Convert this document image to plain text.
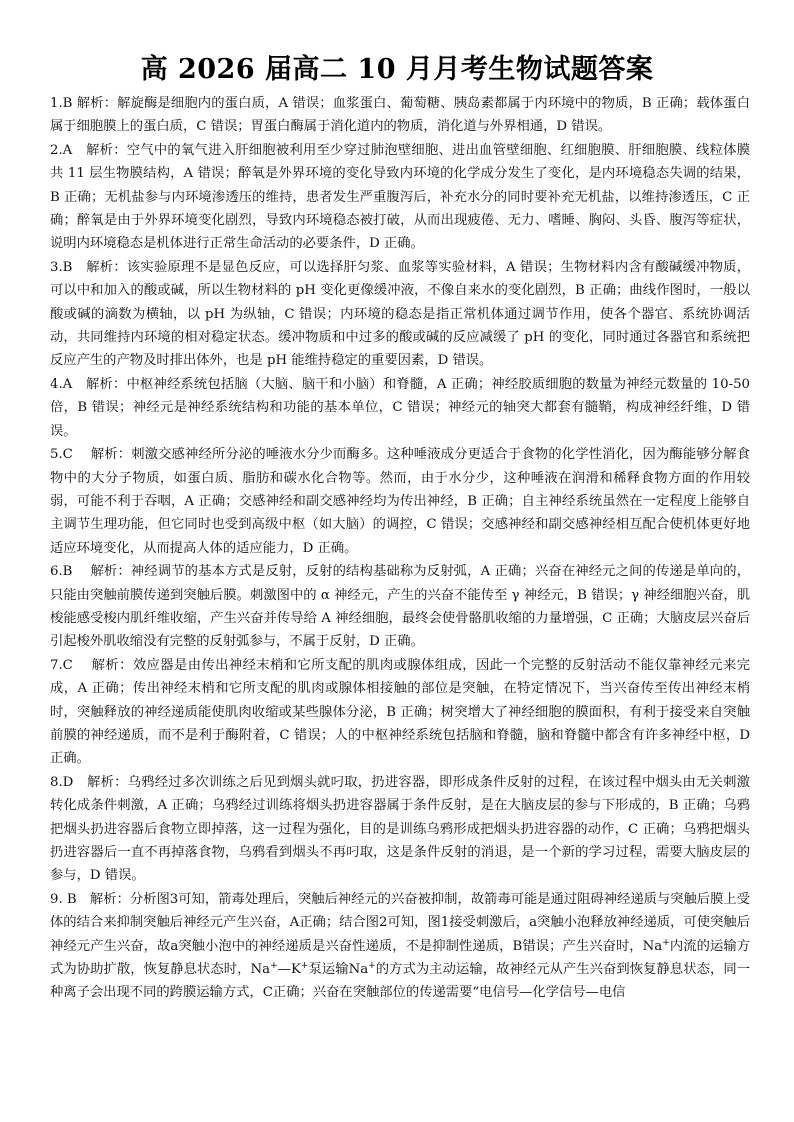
高 2026 届高二 10 月月考生物试题答案

1.B 解析：解旋酶是细胞内的蛋白质，A 错误；血浆蛋白、葡萄糖、胰岛素都属于内环境中的物质，B 正确；载体蛋白属于细胞膜上的蛋白质，C 错误；胃蛋白酶属于消化道内的物质，消化道与外界相通，D 错误。

2.A　解析：空气中的氧气进入肝细胞被利用至少穿过肺泡壁细胞、进出血管壁细胞、红细胞膜、肝细胞膜、线粒体膜共 11 层生物膜结构，A 错误；醉氧是外界环境的变化导致内环境的化学成分发生了变化，是内环境稳态失调的结果，B 正确；无机盐参与内环境渗透压的维持，患者发生严重腹泻后，补充水分的同时要补充无机盐，以维持渗透压，C 正确；醉氧是由于外界环境变化剧烈，导致内环境稳态被打破，从而出现疲倦、无力、嗜睡、胸闷、头昏、腹泻等症状，说明内环境稳态是机体进行正常生命活动的必要条件，D 正确。

3.B　解析：该实验原理不是显色反应，可以选择肝匀浆、血浆等实验材料，A 错误；生物材料内含有酸碱缓冲物质，可以中和加入的酸或碱，所以生物材料的 pH 变化更像缓冲液，不像自来水的变化剧烈，B 正确；曲线作图时，一般以酸或碱的滴数为横轴，以 pH 为纵轴，C 错误；内环境的稳态是指正常机体通过调节作用，使各个器官、系统协调活动，共同维持内环境的相对稳定状态。缓冲物质和中过多的酸或碱的反应减缓了 pH 的变化，同时通过各器官和系统把反应产生的产物及时排出体外，也是 pH 能维持稳定的重要因素，D 错误。

4.A　解析：中枢神经系统包括脑（大脑、脑干和小脑）和脊髓，A 正确；神经胶质细胞的数量为神经元数量的 10-50 倍，B 错误；神经元是神经系统结构和功能的基本单位，C 错误；神经元的轴突大都套有髓鞘，构成神经纤维，D 错误。

5.C　 解析：刺激交感神经所分泌的唾液水分少而酶多。这种唾液成分更适合于食物的化学性消化，因为酶能够分解食物中的大分子物质，如蛋白质、脂肪和碳水化合物等。然而，由于水分少，这种唾液在润滑和稀释食物方面的作用较弱，可能不利于吞咽，A 正确；交感神经和副交感神经均为传出神经，B 正确；自主神经系统虽然在一定程度上能够自主调节生理功能，但它同时也受到高级中枢（如大脑）的调控，C 错误；交感神经和副交感神经相互配合使机体更好地适应环境变化，从而提高人体的适应能力，D 正确。

6.B　 解析：神经调节的基本方式是反射，反射的结构基础称为反射弧，A 正确；兴奋在神经元之间的传递是单向的，只能由突触前膜传递到突触后膜。刺激图中的 α 神经元，产生的兴奋不能传至 γ 神经元，B 错误；γ 神经细胞兴奋，肌梭能感受梭内肌纤维收缩，产生兴奋并传导给 A 神经细胞，最终会使骨骼肌收缩的力量增强，C 正确；大脑皮层兴奋后引起梭外肌收缩没有完整的反射弧参与，不属于反射，D 正确。

7.C　 解析：效应器是由传出神经末梢和它所支配的肌肉或腺体组成，因此一个完整的反射活动不能仅靠神经元来完成，A 正确；传出神经末梢和它所支配的肌肉或腺体相接触的部位是突触，在特定情况下，当兴奋传至传出神经末梢时，突触释放的神经递质能使肌肉收缩或某些腺体分泌，B 正确；树突增大了神经细胞的膜面积，有利于接受来自突触前膜的神经递质，而不是利于酶附着，C 错误；人的中枢神经系统包括脑和脊髓，脑和脊髓中都含有许多神经中枢，D 正确。

8.D　解析：乌鸦经过多次训练之后见到烟头就叼取，扔进容器，即形成条件反射的过程，在该过程中烟头由无关刺激转化成条件刺激，A 正确；乌鸦经过训练将烟头扔进容器属于条件反射，是在大脑皮层的参与下形成的，B 正确；乌鸦把烟头扔进容器后食物立即掉落，这一过程为强化，目的是训练乌鸦形成把烟头扔进容器的动作，C 正确；乌鸦把烟头扔进容器后一直不再掉落食物，乌鸦看到烟头不再叼取，这是条件反射的消退，是一个新的学习过程，需要大脑皮层的参与，D 错误。

9. B　解析：分析图3可知，箭毒处理后，突触后神经元的兴奋被抑制，故箭毒可能是通过阻碍神经递质与突触后膜上受体的结合来抑制突触后神经元产生兴奋，A正确；结合图2可知，图1接受刺激后，a突触小泡释放神经递质，可使突触后神经元产生兴奋，故a突触小泡中的神经递质是兴奋性递质，不是抑制性递质，B错误；产生兴奋时，Na+内流的运输方式为协助扩散，恢复静息状态时，Na+—K+泵运输Na+的方式为主动运输，故神经元从产生兴奋到恢复静息状态，同一种离子会出现不同的跨膜运输方式，C正确；兴奋在突触部位的传递需要“电信号—化学信号—电信
